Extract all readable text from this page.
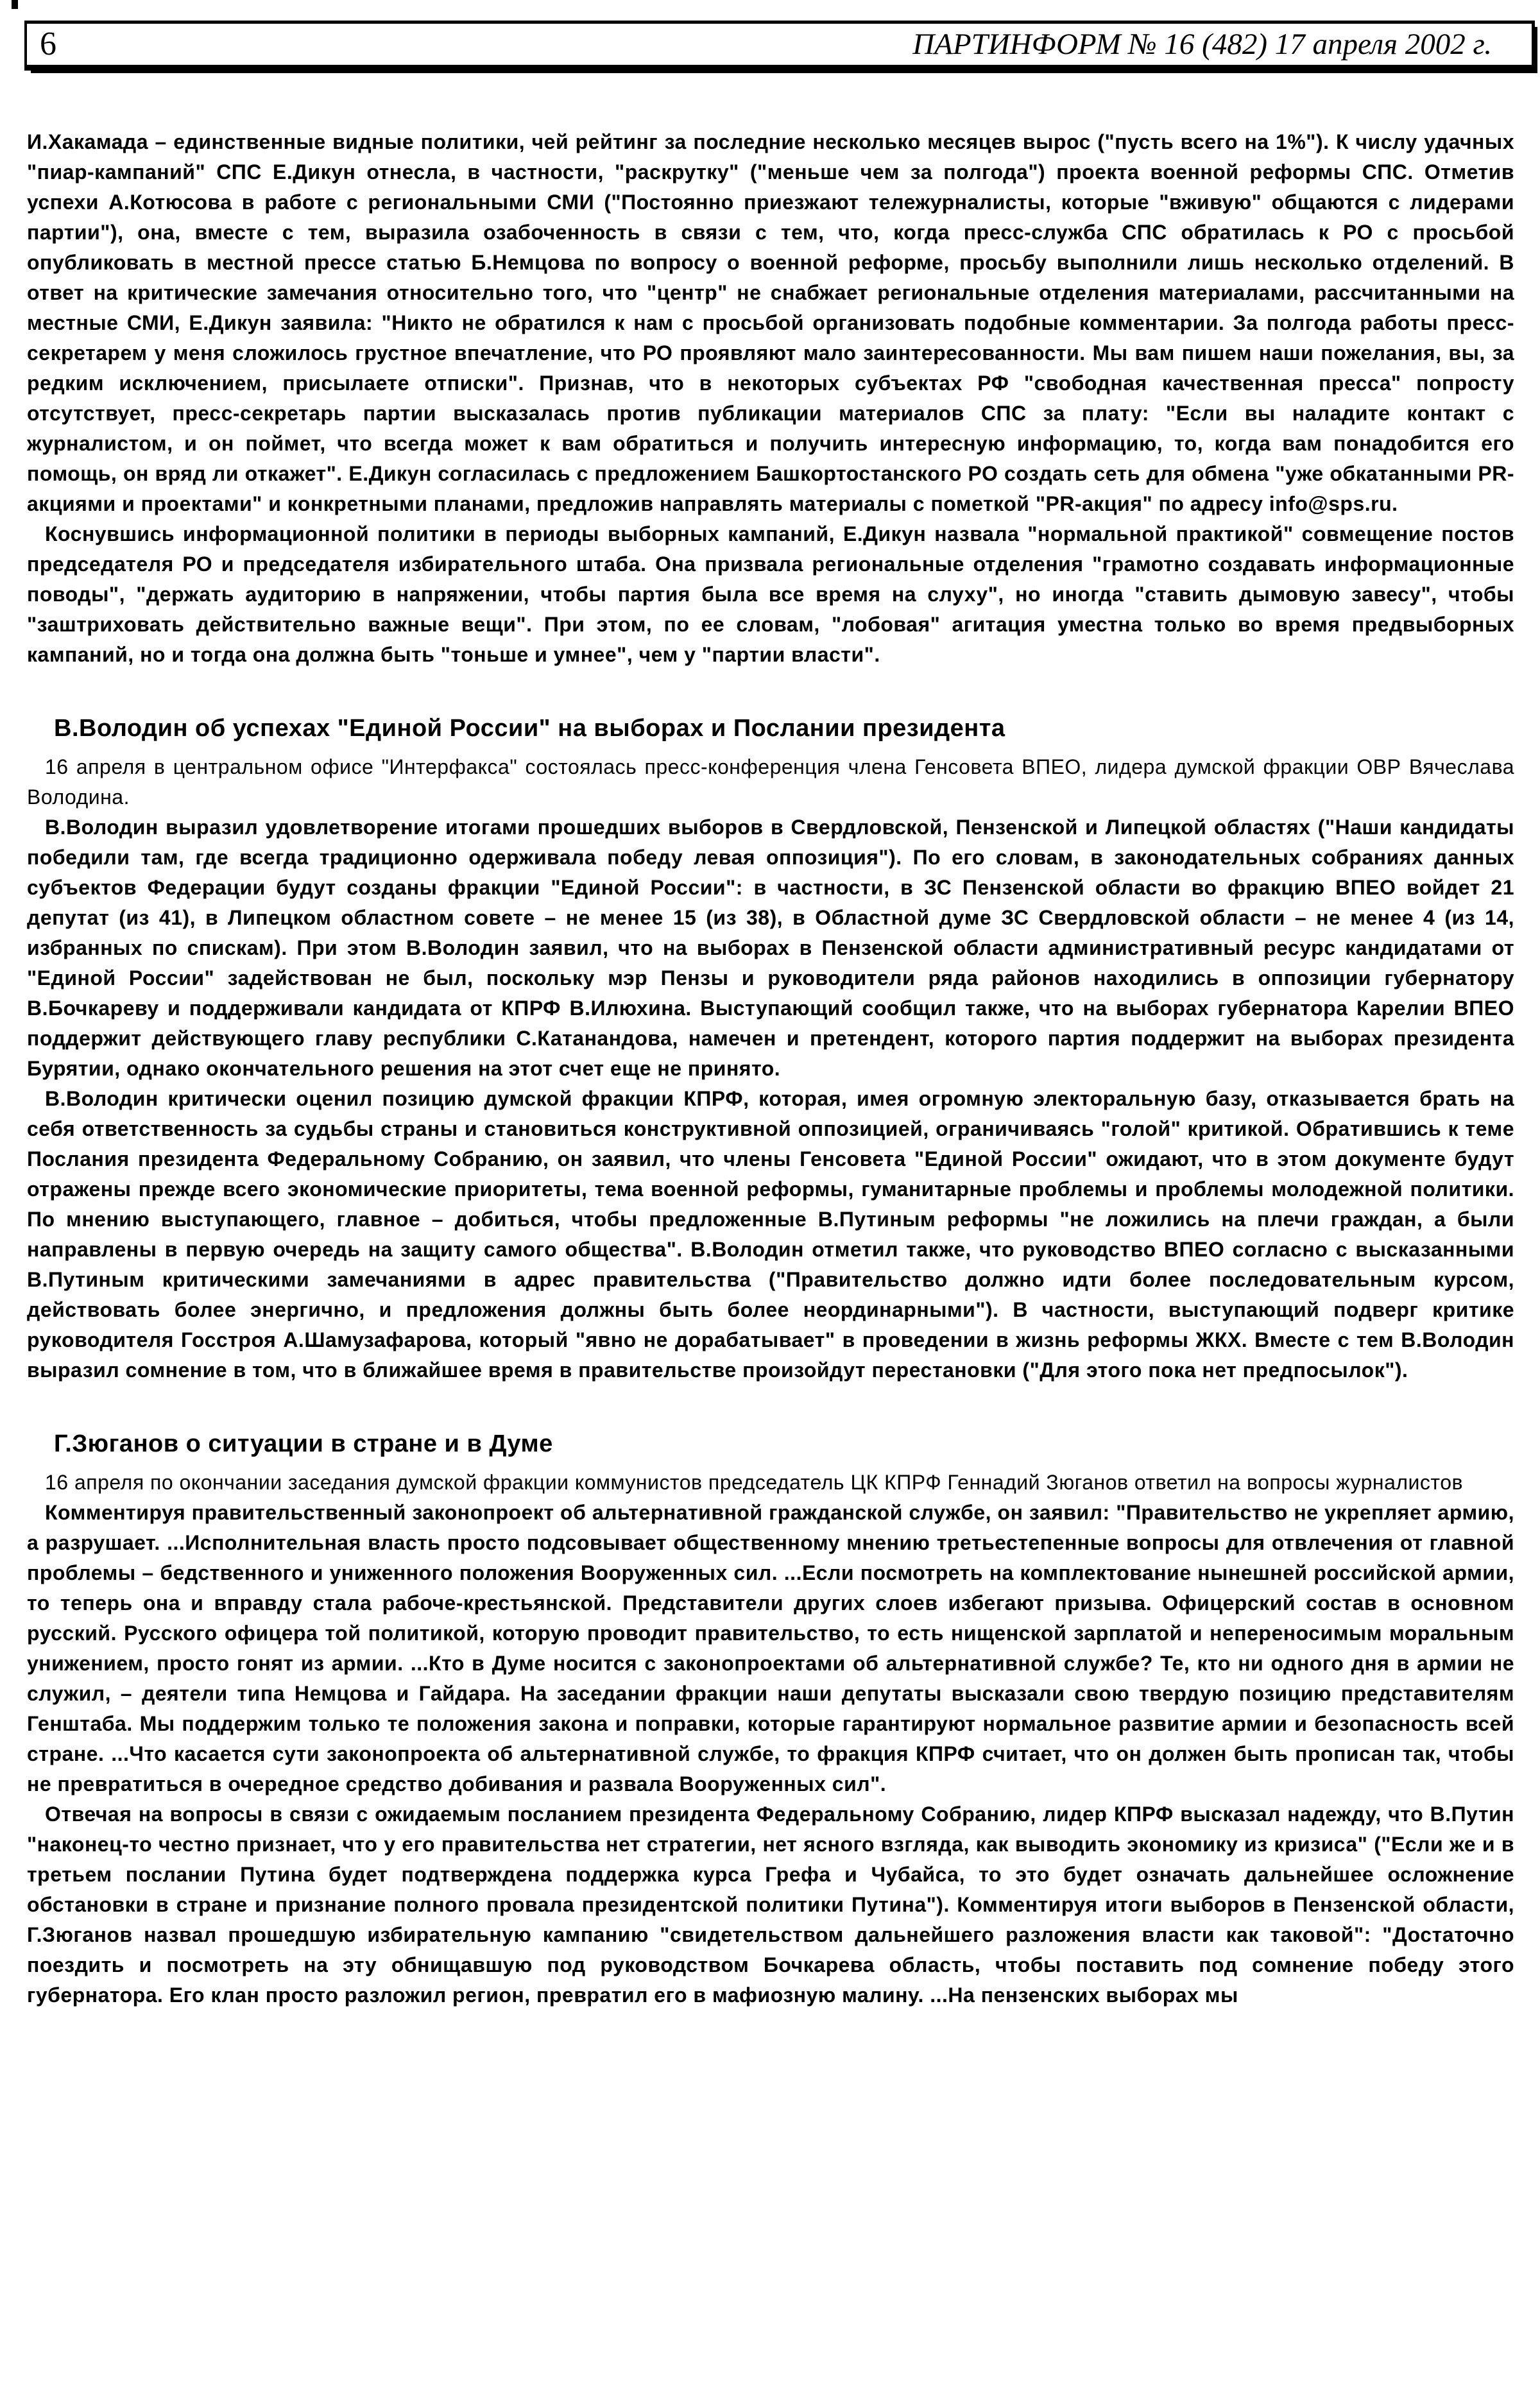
6	ПАРТИНФОРМ № 16 (482) 17 апреля 2002 г.

И.Хакамада – единственные видные политики, чей рейтинг за последние несколько месяцев вырос ("пусть всего на 1%"). К числу удачных "пиар-кампаний" СПС Е.Дикун отнесла, в частности, "раскрутку" ("меньше чем за полгода") проекта военной реформы СПС. Отметив успехи А.Котюсова в работе с региональными СМИ ("Постоянно приезжают тележурналисты, которые "вживую" общаются с лидерами партии"), она, вместе с тем, выразила озабоченность в связи с тем, что, когда пресс-служба СПС обратилась к РО с просьбой опубликовать в местной прессе статью Б.Немцова по вопросу о военной реформе, просьбу выполнили лишь несколько отделений. В ответ на критические замечания относительно того, что "центр" не снабжает региональные отделения материалами, рассчитанными на местные СМИ, Е.Дикун заявила: "Никто не обратился к нам с просьбой организовать подобные комментарии. За полгода работы пресс-секретарем у меня сложилось грустное впечатление, что РО проявляют мало заинтересованности. Мы вам пишем наши пожелания, вы, за редким исключением, присылаете отписки". Признав, что в некоторых субъектах РФ "свободная качественная пресса" попросту отсутствует, пресс-секретарь партии высказалась против публикации материалов СПС за плату: "Если вы наладите контакт с журналистом, и он поймет, что всегда может к вам обратиться и получить интересную информацию, то, когда вам понадобится его помощь, он вряд ли откажет". Е.Дикун согласилась с предложением Башкортостанского РО создать сеть для обмена "уже обкатанными PR-акциями и проектами" и конкретными планами, предложив направлять материалы с пометкой "PR-акция" по адресу info@sps.ru.

Коснувшись информационной политики в периоды выборных кампаний, Е.Дикун назвала "нормальной практикой" совмещение постов председателя РО и председателя избирательного штаба. Она призвала региональные отделения "грамотно создавать информационные поводы", "держать аудиторию в напряжении, чтобы партия была все время на слуху", но иногда "ставить дымовую завесу", чтобы "заштриховать действительно важные вещи". При этом, по ее словам, "лобовая" агитация уместна только во время предвыборных кампаний, но и тогда она должна быть "тоньше и умнее", чем у "партии власти".

В.Володин об успехах "Единой России" на выборах и Послании президента

16 апреля в центральном офисе "Интерфакса" состоялась пресс-конференция члена Генсовета ВПЕО, лидера думской фракции ОВР Вячеслава Володина.

В.Володин выразил удовлетворение итогами прошедших выборов в Свердловской, Пензенской и Липецкой областях ("Наши кандидаты победили там, где всегда традиционно одерживала победу левая оппозиция"). По его словам, в законодательных собраниях данных субъектов Федерации будут созданы фракции "Единой России": в частности, в ЗС Пензенской области во фракцию ВПЕО войдет 21 депутат (из 41), в Липецком областном совете – не менее 15 (из 38), в Областной думе ЗС Свердловской области – не менее 4 (из 14, избранных по спискам). При этом В.Володин заявил, что на выборах в Пензенской области административный ресурс кандидатами от "Единой России" задействован не был, поскольку мэр Пензы и руководители ряда районов находились в оппозиции губернатору В.Бочкареву и поддерживали кандидата от КПРФ В.Илюхина. Выступающий сообщил также, что на выборах губернатора Карелии ВПЕО поддержит действующего главу республики С.Катанандова, намечен и претендент, которого партия поддержит на выборах президента Бурятии, однако окончательного решения на этот счет еще не принято.

В.Володин критически оценил позицию думской фракции КПРФ, которая, имея огромную электоральную базу, отказывается брать на себя ответственность за судьбы страны и становиться конструктивной оппозицией, ограничиваясь "голой" критикой. Обратившись к теме Послания президента Федеральному Собранию, он заявил, что члены Генсовета "Единой России" ожидают, что в этом документе будут отражены прежде всего экономические приоритеты, тема военной реформы, гуманитарные проблемы и проблемы молодежной политики. По мнению выступающего, главное – добиться, чтобы предложенные В.Путиным реформы "не ложились на плечи граждан, а были направлены в первую очередь на защиту самого общества". В.Володин отметил также, что руководство ВПЕО согласно с высказанными В.Путиным критическими замечаниями в адрес правительства ("Правительство должно идти более последовательным курсом, действовать более энергично, и предложения должны быть более неординарными"). В частности, выступающий подверг критике руководителя Госстроя А.Шамузафарова, который "явно не дорабатывает" в проведении в жизнь реформы ЖКХ. Вместе с тем В.Володин выразил сомнение в том, что в ближайшее время в правительстве произойдут перестановки ("Для этого пока нет предпосылок").

Г.Зюганов о ситуации в стране и в Думе

16 апреля по окончании заседания думской фракции коммунистов председатель ЦК КПРФ Геннадий Зюганов ответил на вопросы журналистов

Комментируя правительственный законопроект об альтернативной гражданской службе, он заявил: "Правительство не укрепляет армию, а разрушает. ...Исполнительная власть просто подсовывает общественному мнению третьестепенные вопросы для отвлечения от главной проблемы – бедственного и униженного положения Вооруженных сил. ...Если посмотреть на комплектование нынешней российской армии, то теперь она и вправду стала рабоче-крестьянской. Представители других слоев избегают призыва. Офицерский состав в основном русский. Русского офицера той политикой, которую проводит правительство, то есть нищенской зарплатой и непереносимым моральным унижением, просто гонят из армии. ...Кто в Думе носится с законопроектами об альтернативной службе? Те, кто ни одного дня в армии не служил, – деятели типа Немцова и Гайдара. На заседании фракции наши депутаты высказали свою твердую позицию представителям Генштаба. Мы поддержим только те положения закона и поправки, которые гарантируют нормальное развитие армии и безопасность всей стране. ...Что касается сути законопроекта об альтернативной службе, то фракция КПРФ считает, что он должен быть прописан так, чтобы не превратиться в очередное средство добивания и развала Вооруженных сил".

Отвечая на вопросы в связи с ожидаемым посланием президента Федеральному Собранию, лидер КПРФ высказал надежду, что В.Путин "наконец-то честно признает, что у его правительства нет стратегии, нет ясного взгляда, как выводить экономику из кризиса" ("Если же и в третьем послании Путина будет подтверждена поддержка курса Грефа и Чубайса, то это будет означать дальнейшее осложнение обстановки в стране и признание полного провала президентской политики Путина"). Комментируя итоги выборов в Пензенской области, Г.Зюганов назвал прошедшую избирательную кампанию "свидетельством дальнейшего разложения власти как таковой": "Достаточно поездить и посмотреть на эту обнищавшую под руководством Бочкарева область, чтобы поставить под сомнение победу этого губернатора. Его клан просто разложил регион, превратил его в мафиозную малину. ...На пензенских выборах мы
